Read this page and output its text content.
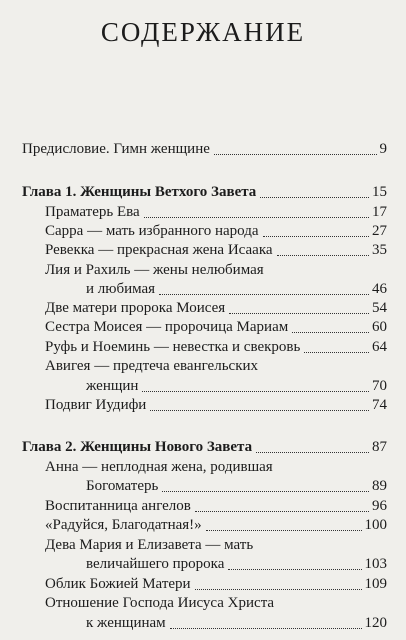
СОДЕРЖАНИЕ
Предисловие. Гимн женщине	9
Глава 1. Женщины Ветхого Завета	15
Праматерь Ева	17
Сарра — мать избранного народа	27
Ревекка — прекрасная жена Исаака	35
Лия и Рахиль — жены нелюбимая
и любимая	46
Две матери пророка Моисея	54
Сестра Моисея — пророчица Мариам	60
Руфь и Ноеминь — невестка и свекровь	64
Авигея — предтеча евангельских
женщин	70
Подвиг Иудифи	74
Глава 2. Женщины Нового Завета	87
Анна — неплодная жена, родившая
Богоматерь	89
Воспитанница ангелов	96
«Радуйся, Благодатная!»	100
Дева Мария и Елизавета — мать
величайшего пророка	103
Облик Божией Матери	109
Отношение Господа Иисуса Христа
к женщинам	120
